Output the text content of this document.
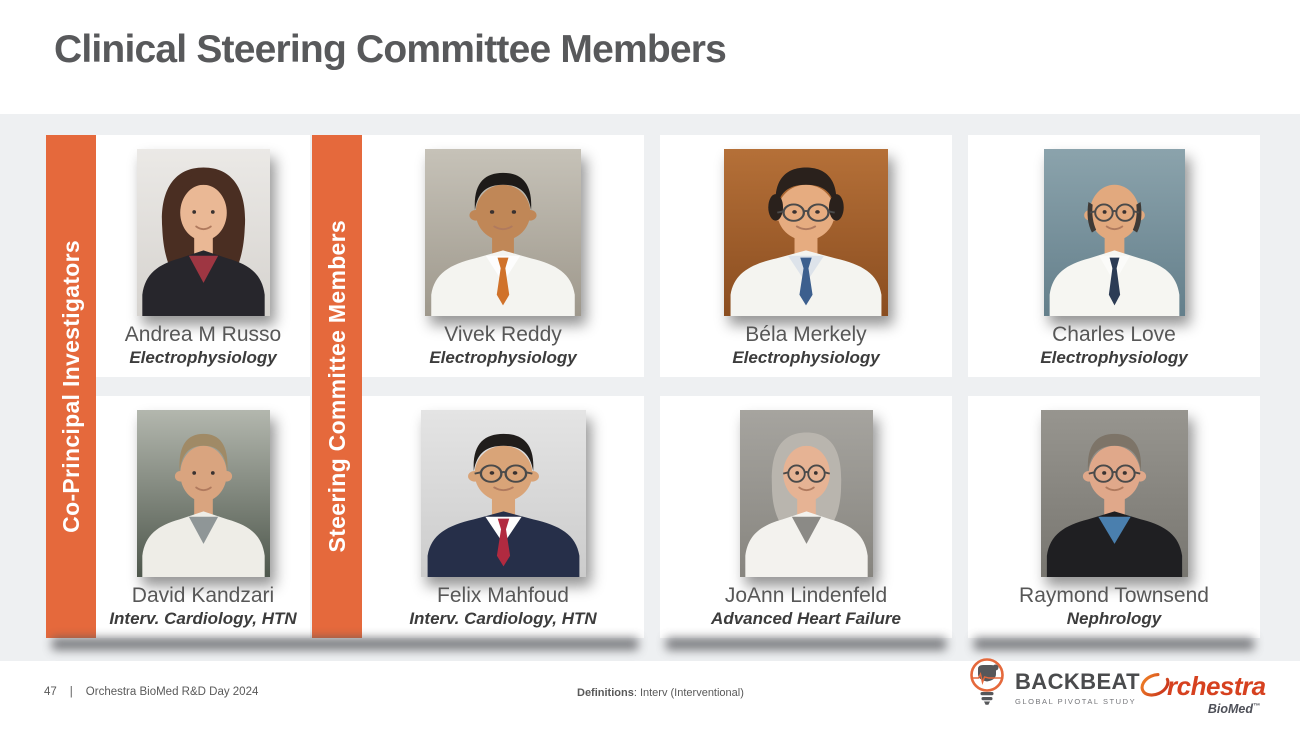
Clinical Steering Committee Members
Co-Principal Investigators	Steering Committee Members
Andrea M Russo
Electrophysiology
Vivek Reddy
Electrophysiology
Béla Merkely
Electrophysiology
Charles Love
Electrophysiology
David Kandzari
Interv. Cardiology, HTN
Felix Mahfoud
Interv. Cardiology, HTN
JoAnn Lindenfeld
Advanced Heart Failure
Raymond Townsend
Nephrology
47 | Orchestra BioMed R&D Day 2024	Definitions: Interv (Interventional)	BACKBEAT
GLOBAL PIVOTAL STUDY
rchestra
BioMed™
